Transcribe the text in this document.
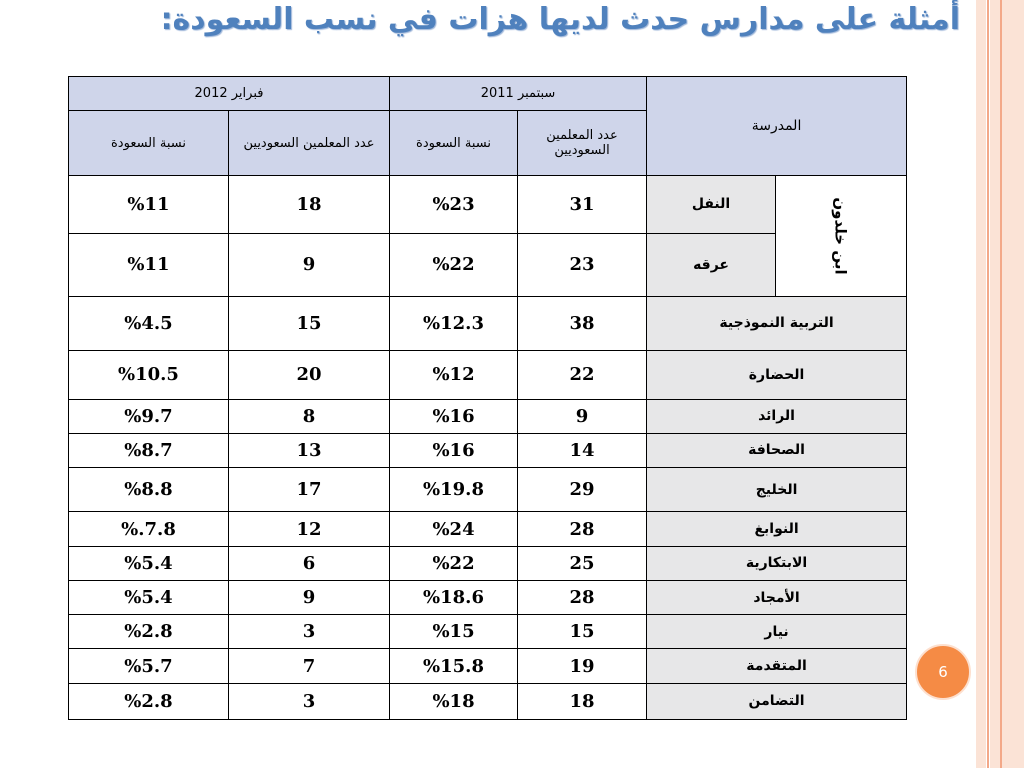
أمثلة على مدارس حدث لديها هزات في نسب السعودة:
فبراير 2012		سبتمبر 2011		المدرسة	
نسبة السعودة	عدد المعلمين السعوديين	نسبة السعودة	عدد المعلمين السعوديين		
%11	18	%23	31	النفل	ابن خلدون
%11	9	%22	23	عرقه	
%4.5	15	%12.3	38	التربية النموذجية	
%10.5	20	%12	22	الحضارة	
%9.7	8	%16	9	الرائد	
%8.7	13	%16	14	الصحافة	
%8.8	17	%19.8	29	الخليج	
%.7.8	12	%24	28	النوابغ	
%5.4	6	%22	25	الابتكارية	
%5.4	9	%18.6	28	الأمجاد	
%2.8	3	%15	15	نيار	
%5.7	7	%15.8	19	المتقدمة	
%2.8	3	%18	18	التضامن	
6
